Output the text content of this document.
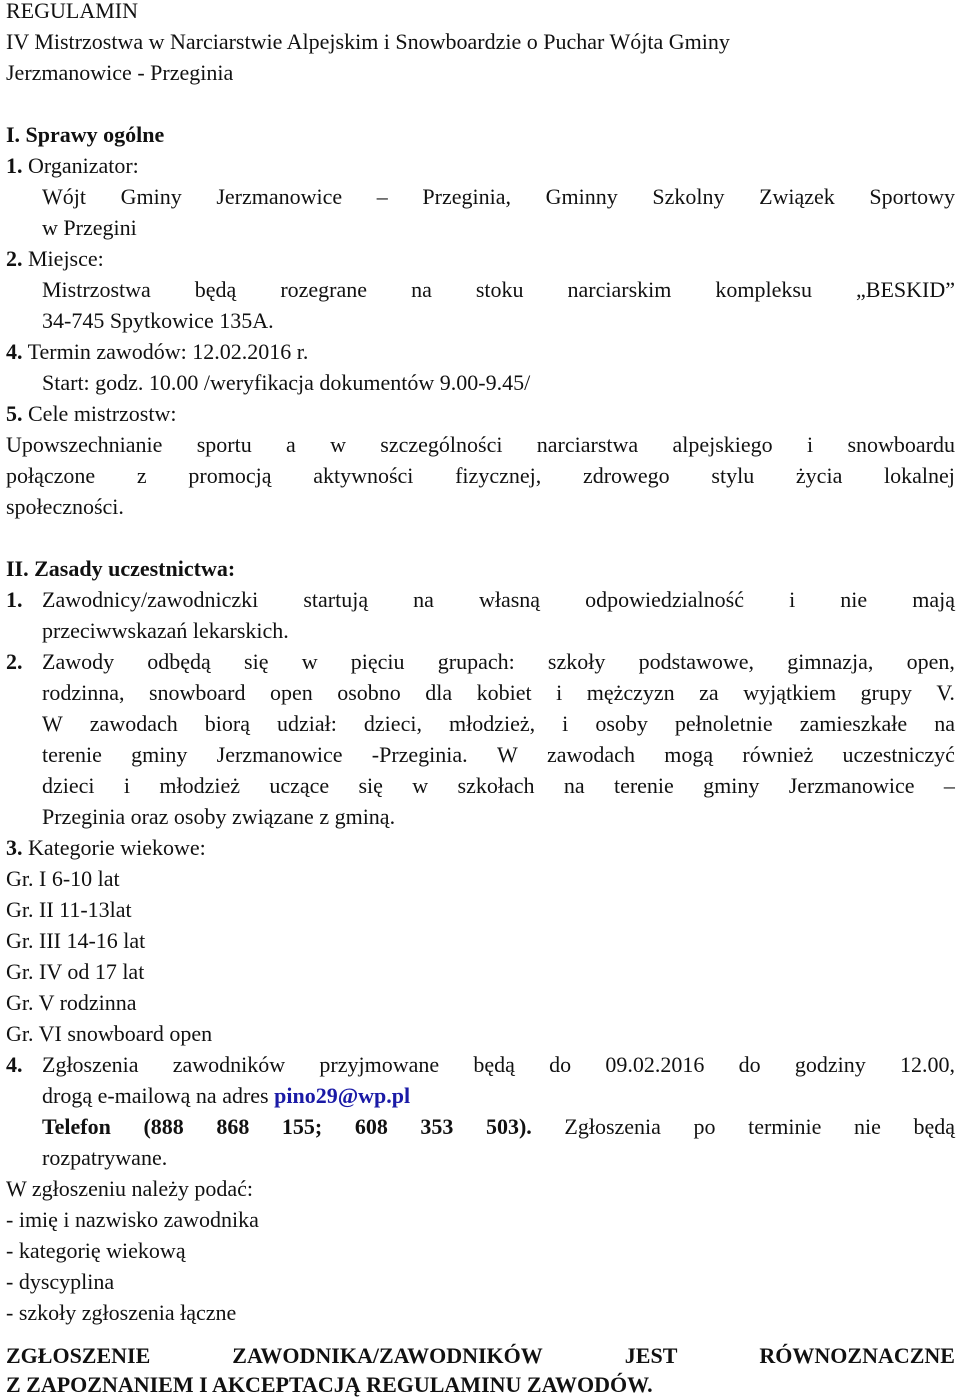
REGULAMIN
IV Mistrzostwa w Narciarstwie Alpejskim i Snowboardzie o Puchar Wójta Gminy
Jerzmanowice - Przeginia
I. Sprawy ogólne
1. Organizator:
Wójt Gminy Jerzmanowice – Przeginia, Gminny Szkolny Związek Sportowy
w Przegini
2. Miejsce:
Mistrzostwa będą rozegrane na stoku narciarskim kompleksu „BESKID”
34-745 Spytkowice 135A.
4. Termin zawodów: 12.02.2016 r.
Start: godz. 10.00 /weryfikacja dokumentów 9.00-9.45/
5. Cele mistrzostw:
Upowszechnianie sportu a w szczególności narciarstwa alpejskiego i snowboardu
połączone z promocją aktywności fizycznej, zdrowego stylu życia lokalnej
społeczności.
II. Zasady uczestnictwa:
1. Zawodnicy/zawodniczki startują na własną odpowiedzialność i nie mają
przeciwwskazań lekarskich.
2. Zawody odbędą się w pięciu grupach: szkoły podstawowe, gimnazja, open,
rodzinna, snowboard open osobno dla kobiet i mężczyzn za wyjątkiem grupy V.
W zawodach biorą udział: dzieci, młodzież, i osoby pełnoletnie zamieszkałe na
terenie gminy Jerzmanowice -Przeginia. W zawodach mogą również uczestniczyć
dzieci i młodzież uczące się w szkołach na terenie gminy Jerzmanowice –
Przeginia oraz osoby związane z gminą.
3. Kategorie wiekowe:
Gr. I 6-10 lat
Gr. II 11-13lat
Gr. III 14-16 lat
Gr. IV od 17 lat
Gr. V rodzinna
Gr. VI snowboard open
4. Zgłoszenia zawodników przyjmowane będą do 09.02.2016 do godziny 12.00,
drogą e-mailową na adres pino29@wp.pl
Telefon (888 868 155; 608 353 503). Zgłoszenia po terminie nie będą
rozpatrywane.
W zgłoszeniu należy podać:
- imię i nazwisko zawodnika
- kategorię wiekową
- dyscyplina
- szkoły zgłoszenia łączne
ZGŁOSZENIE	ZAWODNIKA/ZAWODNIKÓW	JEST	RÓWNOZNACZNE
Z ZAPOZNANIEM I AKCEPTACJĄ REGULAMINU ZAWODÓW.
